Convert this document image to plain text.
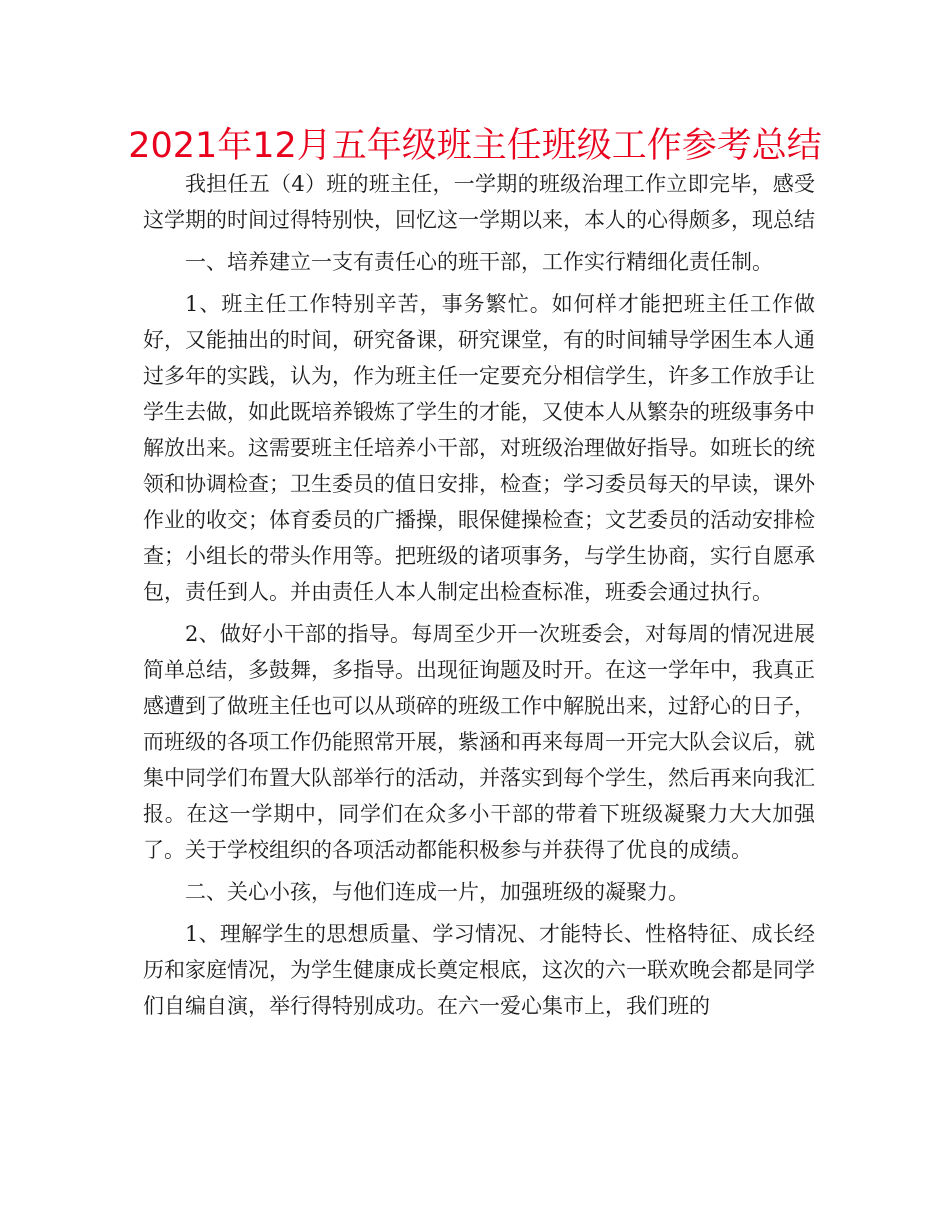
2021年12月五年级班主任班级工作参考总结

我担任五（4）班的班主任，一学期的班级治理工作立即完毕，感受这学期的时间过得特别快，回忆这一学期以来，本人的心得颇多，现总结

一、培养建立一支有责任心的班干部，工作实行精细化责任制。

1、班主任工作特别辛苦，事务繁忙。如何样才能把班主任工作做好，又能抽出的时间，研究备课，研究课堂，有的时间辅导学困生本人通过多年的实践，认为，作为班主任一定要充分相信学生，许多工作放手让学生去做，如此既培养锻炼了学生的才能，又使本人从繁杂的班级事务中解放出来。这需要班主任培养小干部，对班级治理做好指导。如班长的统领和协调检查；卫生委员的值日安排，检查；学习委员每天的早读，课外作业的收交；体育委员的广播操，眼保健操检查；文艺委员的活动安排检查；小组长的带头作用等。把班级的诸项事务，与学生协商，实行自愿承包，责任到人。并由责任人本人制定出检查标准，班委会通过执行。

2、做好小干部的指导。每周至少开一次班委会，对每周的情况进展简单总结，多鼓舞，多指导。出现征询题及时开。在这一学年中，我真正感遭到了做班主任也可以从琐碎的班级工作中解脱出来，过舒心的日子，而班级的各项工作仍能照常开展，紫涵和再来每周一开完大队会议后，就集中同学们布置大队部举行的活动，并落实到每个学生，然后再来向我汇报。在这一学期中，同学们在众多小干部的带着下班级凝聚力大大加强了。关于学校组织的各项活动都能积极参与并获得了优良的成绩。

二、关心小孩，与他们连成一片，加强班级的凝聚力。

1、理解学生的思想质量、学习情况、才能特长、性格特征、成长经历和家庭情况，为学生健康成长奠定根底，这次的六一联欢晚会都是同学们自编自演，举行得特别成功。在六一爱心集市上，我们班的
